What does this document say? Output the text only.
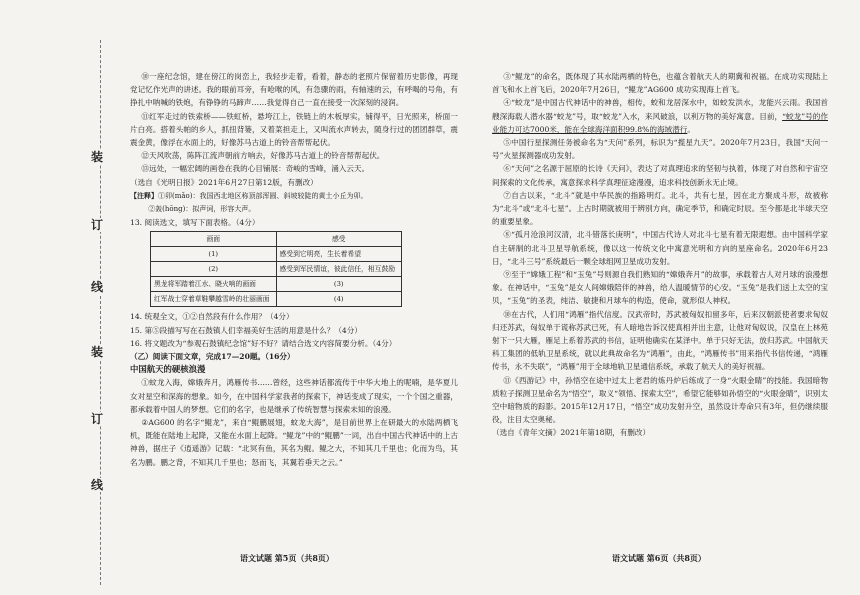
装
订
线
装
订
线

⑩一座纪念馆，建在傍江的岗峦上，我轻步走着，看着，静态的老照片保留着历史影像，再现党记忆作光声的讲述。我的眼前耳旁，有呛喉的风，有急骤的雨，有轴速的云，有呼喝的号角，有挣扎中呐喊的铁炮，有铮铮的马蹄声……我觉得自己一直在接受一次深刻的浸润。

⑪红军走过的铁索桥——铁虹桥，悬垮江上，铁链上的木板厚实，铺得平，日光照来，桥面一片白亮。搭着头帕的乡人，抓扭背篓，又着菜担走上，又叫流水声转去，随身行过的团团群草，震震金黄，像浮在水面上的，好像苏马古道上的铃音帮帮起伏。

⑫天风吹荡，陈阵江流声朝前方响去，好像苏马古道上的铃音帮帮起伏。

⑬远处，一幅宏阔的画卷在我的心目铺展：奇峻的雪峰，涌入云天。

（选自《光明日报》2021年6月27日第12版，有删改）

【注释】①卯(mǎo)：我国西北地区称顶部浑圆、斜坡较陡的黄土小丘为卯。

②轰(hōng)：拟声词，形容大声。

13. 阅读选文，填写下面表格。（4分）

画面	感受
(1)	感受到它明亮，生长着希望
(2)	感受到军民情谊，彼此信任，相互鼓励
黑龙将军踏着江水、晓火响的画面	(3)
红军战士穿着草鞋攀越雪岭的壮丽画面	(4)

14. 统观全文，①②自然段有什么作用？（4分）

15. 第⑤段描写写在石鼓镇人们幸福美好生活的用意是什么？（4分）

16. 将文题改为“参观石鼓镇纪念馆”好不好？请结合选文内容简要分析。（4分）

（乙）阅读下面文章，完成17—20题。（16分）

中国航天的硬核浪漫

①蚊龙入海，嫦娥奔月，鸿雁传书……曾经，这些神话都流传于中华大地上的呢喃，是华夏儿女对星空和深海的想象。如今，在中国科学家我者的探索下，神话变成了现实，一个个国之重器，都承载着中国人的梦想。它们的名字，也是继承了传统智慧与探索未知的浪漫。

②AG600 的名字“鲲龙”，来自“鲲鹏展翅，蚊龙大海”，是目前世界上在研最大的水陆两栖飞机，既能在陆地上起降，又能在水面上起降。“鲲龙”中的“鲲鹏”一词，出自中国古代神话中的上古神兽，据庄子《逍遥游》记载：“北冥有鱼，其名为鲲。鲲之大，不知其几千里也；化而为鸟，其名为鹏。鹏之背，不知其几千里也；怒而飞，其翼若垂天之云。”

③“鲲龙”的命名，既体现了其水陆两栖的特色，也蕴含着航天人的期冀和祝福。在成功实现陆上首飞和水上首飞后，2020年7月26日，“鲲龙”AG600 成功实现海上首飞。

④“蛟龙”是中国古代神话中的神兽，相传，蛟和龙居深水中，如蛟发洪水，龙能兴云雨。我国首艘深海载人潜水器“蛟龙”号，取“蛟龙”入水，来风破浪，以利万物的美好寓意。目前，“蛟龙”号的作业能力可达7000米，能在全球海洋面积99.8%的海域潜行。

⑤中国行星探测任务被命名为“天问”系列，标识为“揽星九天”。2020年7月23日，我国“天问一号”火星探测器成功发射。

⑥“天问”之名源于屈原的长诗《天问》，表达了对真理追求的坚韧与执着，体现了对自然和宇宙空间探索的文化传承，寓意探求科学真理征途漫漫，追求科技创新永无止境。

⑦自古以来，“北斗”就是中华民族的指路明灯。北斗，共有七星，因在北方聚成斗形，故被称为“北斗”或“北斗七星”。上古时期就被用于辨别方向，确定季节，和确定时辰。至今都是北半球天空的重要星象。

⑧“孤月沧浪河汉清，北斗错落长庚明”，中国古代诗人对北斗七星有着无限遐想。由中国科学家自主研制的北斗卫星导航系统，像以这一传统文化中寓意光明和方向的星座命名。2020年6月23日，“北斗三号”系统最后一颗全球组网卫星成功发射。

⑨至于“嫦娥工程”和“玉兔”号则源自我们熟知的“嫦娥奔月”的故事，承载着古人对月球的浪漫想象。在神话中，“玉兔”是女人间嫦娥陪伴的神兽，给人温暖情节的心安。“玉兔”是我们送上太空的宝贝，“玉兔”的圣表，纯洁、敏捷和月球车的构造，使命，就形似人神权。

⑩在古代，人们用“鸿雁”指代信度。汉武帝时，苏武被匈奴扣留多年，后来汉朝派使者要求匈奴归还苏武，匈奴单于谎称苏武已死，有人暗地告诉汉使真相并出主意，让他对匈奴说，汉皇在上林苑射下一只大雁，雁足上系着苏武的书信，证明他确实在某泽中。单于只好无法，放归苏武。中国航天科工集团的低轨卫星系统，就以此典故命名为“鸿雁”，由此，“鸿雁传书”用来指代书信传递，“鸿雁传书，永不失联”，“鸿雁”用于全球地轨卫星通信系统，承载了航天人的美好祝福。

⑪《西游记》中，孙悟空在途中过太上老君的炼丹炉后练成了一身“火眼金睛”的技能。我国暗物质粒子探测卫星命名为“悟空”，取义“领悟、探索太空”，希望它能够如孙悟空的“火眼金睛”，识别太空中暗物质的踪影。2015年12月17日，“悟空”成功发射升空，虽然设计寿命只有3年，但仍继续服役，注目太空奥秘。

（选自《青年文摘》2021年第18期，有删改）

语文试题 第5页（共8页）	语文试题 第6页（共8页）
